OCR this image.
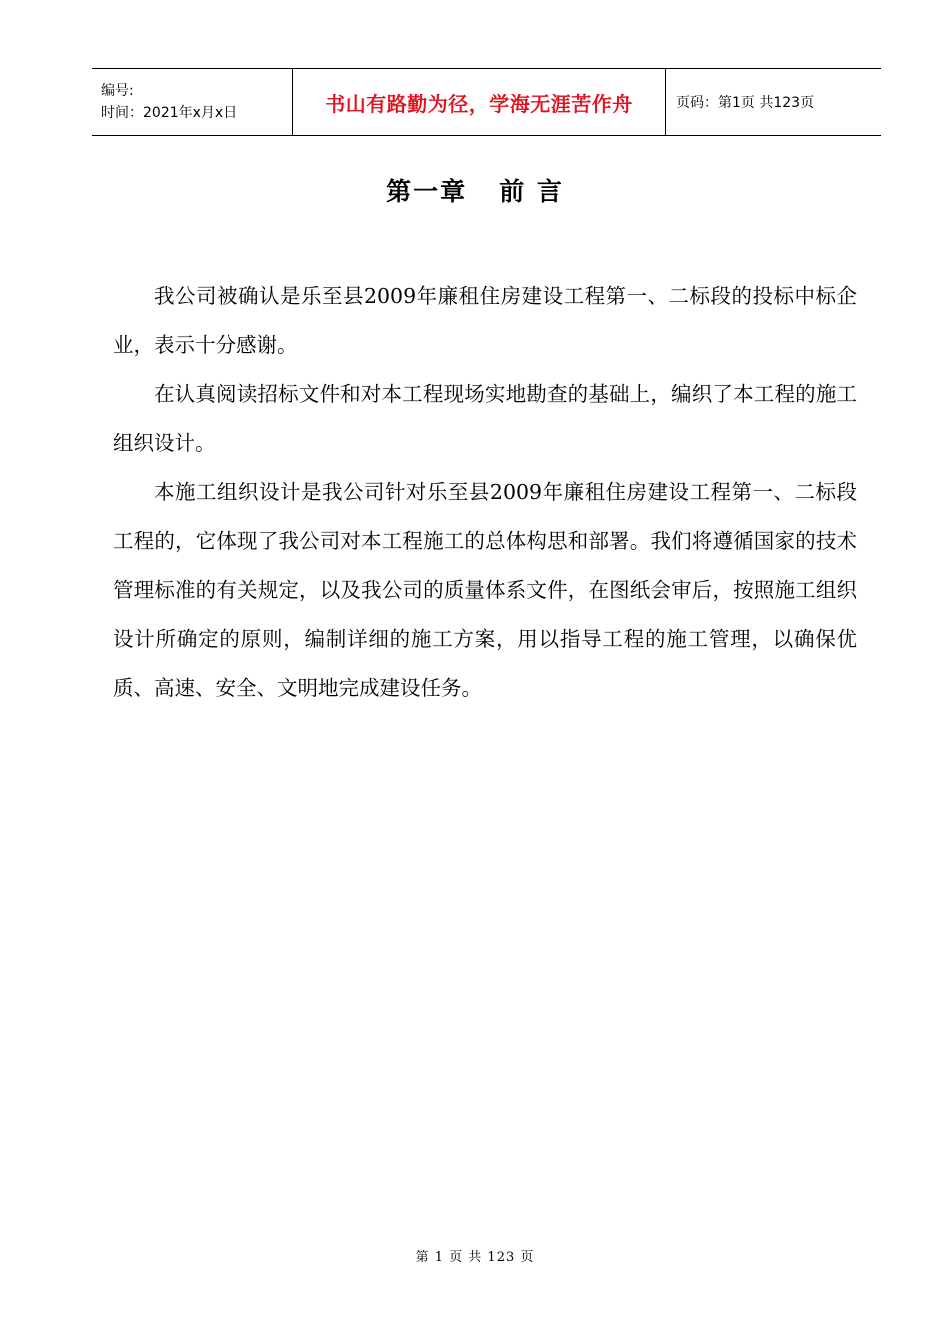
编号:
时间：2021年x月x日	书山有路勤为径，学海无涯苦作舟	页码：第1页 共123页
第一章   前 言

我公司被确认是乐至县2009年廉租住房建设工程第一、二标段的投标中标企业，表示十分感谢。

在认真阅读招标文件和对本工程现场实地勘查的基础上，编织了本工程的施工组织设计。

本施工组织设计是我公司针对乐至县2009年廉租住房建设工程第一、二标段工程的，它体现了我公司对本工程施工的总体构思和部署。我们将遵循国家的技术管理标准的有关规定，以及我公司的质量体系文件，在图纸会审后，按照施工组织设计所确定的原则，编制详细的施工方案，用以指导工程的施工管理，以确保优质、高速、安全、文明地完成建设任务。

第 1 页 共 123 页
